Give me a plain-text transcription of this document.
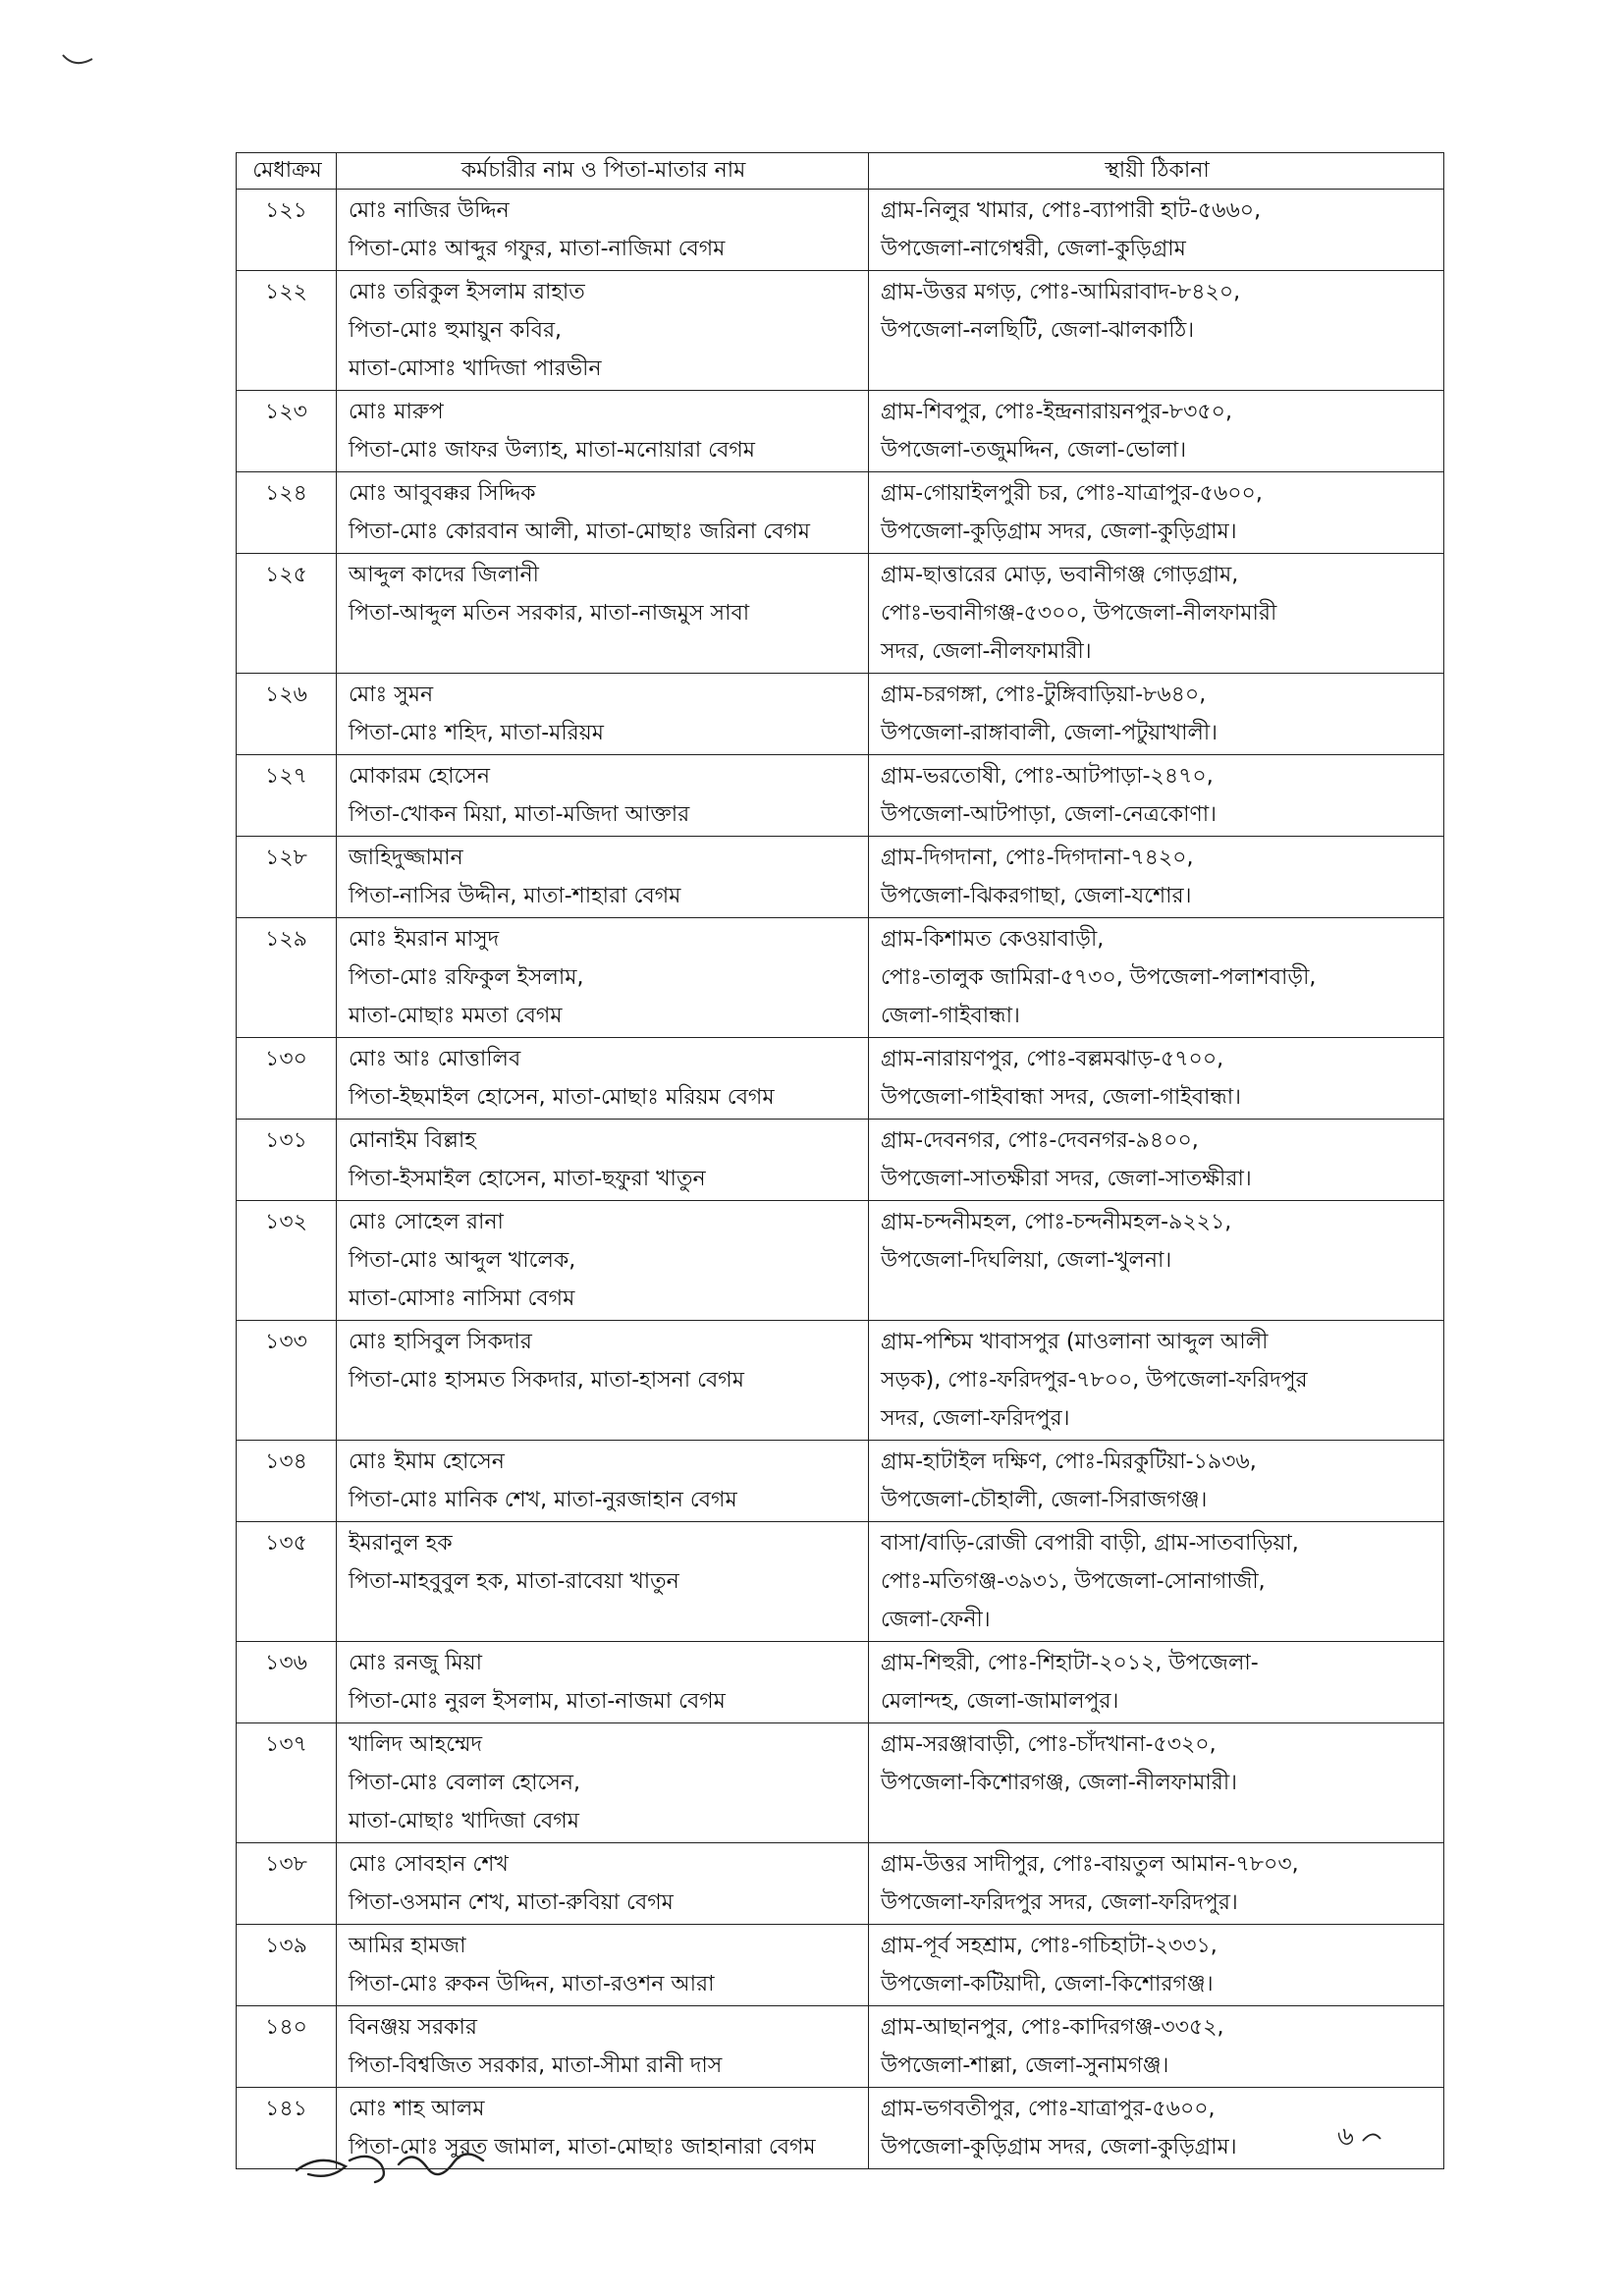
মেধাক্রম	কর্মচারীর নাম ও পিতা-মাতার নাম	স্থায়ী ঠিকানা
১২১	মোঃ নাজির উদ্দিন
পিতা-মোঃ আব্দুর গফুর, মাতা-নাজিমা বেগম	গ্রাম-নিলুর খামার, পোঃ-ব্যাপারী হাট-৫৬৬০,
উপজেলা-নাগেশ্বরী, জেলা-কুড়িগ্রাম

১২২	মোঃ তরিকুল ইসলাম রাহাত
পিতা-মোঃ হুমায়ুন কবির,
মাতা-মোসাঃ খাদিজা পারভীন	গ্রাম-উত্তর মগড়, পোঃ-আমিরাবাদ-৮৪২০,
উপজেলা-নলছিটি, জেলা-ঝালকাঠি।

১২৩	মোঃ মারুপ
পিতা-মোঃ জাফর উল্যাহ, মাতা-মনোয়ারা বেগম	গ্রাম-শিবপুর, পোঃ-ইন্দ্রনারায়নপুর-৮৩৫০,
উপজেলা-তজুমদ্দিন, জেলা-ভোলা।

১২৪	মোঃ আবুবক্কর সিদ্দিক
পিতা-মোঃ কোরবান আলী, মাতা-মোছাঃ জরিনা বেগম	গ্রাম-গোয়াইলপুরী চর, পোঃ-যাত্রাপুর-৫৬০০,
উপজেলা-কুড়িগ্রাম সদর, জেলা-কুড়িগ্রাম।

১২৫	আব্দুল কাদের জিলানী
পিতা-আব্দুল মতিন সরকার, মাতা-নাজমুস সাবা	গ্রাম-ছাত্তারের মোড়, ভবানীগঞ্জ গোড়গ্রাম,
পোঃ-ভবানীগঞ্জ-৫৩০০, উপজেলা-নীলফামারী
সদর, জেলা-নীলফামারী।

১২৬	মোঃ সুমন
পিতা-মোঃ শহিদ, মাতা-মরিয়ম	গ্রাম-চরগঙ্গা, পোঃ-টুঙ্গিবাড়িয়া-৮৬৪০,
উপজেলা-রাঙ্গাবালী, জেলা-পটুয়াখালী।

১২৭	মোকারম হোসেন
পিতা-খোকন মিয়া, মাতা-মজিদা আক্তার	গ্রাম-ভরতোষী, পোঃ-আটপাড়া-২৪৭০,
উপজেলা-আটপাড়া, জেলা-নেত্রকোণা।

১২৮	জাহিদুজ্জামান
পিতা-নাসির উদ্দীন, মাতা-শাহারা বেগম	গ্রাম-দিগদানা, পোঃ-দিগদানা-৭৪২০,
উপজেলা-ঝিকরগাছা, জেলা-যশোর।

১২৯	মোঃ ইমরান মাসুদ
পিতা-মোঃ রফিকুল ইসলাম,
মাতা-মোছাঃ মমতা বেগম	গ্রাম-কিশামত কেওয়াবাড়ী,
পোঃ-তালুক জামিরা-৫৭৩০, উপজেলা-পলাশবাড়ী,
জেলা-গাইবান্ধা।

১৩০	মোঃ আঃ মোত্তালিব
পিতা-ইছমাইল হোসেন, মাতা-মোছাঃ মরিয়ম বেগম	গ্রাম-নারায়ণপুর, পোঃ-বল্লমঝাড়-৫৭০০,
উপজেলা-গাইবান্ধা সদর, জেলা-গাইবান্ধা।

১৩১	মোনাইম বিল্লাহ
পিতা-ইসমাইল হোসেন, মাতা-ছফুরা খাতুন	গ্রাম-দেবনগর, পোঃ-দেবনগর-৯৪০০,
উপজেলা-সাতক্ষীরা সদর, জেলা-সাতক্ষীরা।

১৩২	মোঃ সোহেল রানা
পিতা-মোঃ আব্দুল খালেক,
মাতা-মোসাঃ নাসিমা বেগম	গ্রাম-চন্দনীমহল, পোঃ-চন্দনীমহল-৯২২১,
উপজেলা-দিঘলিয়া, জেলা-খুলনা।

১৩৩	মোঃ হাসিবুল সিকদার
পিতা-মোঃ হাসমত সিকদার, মাতা-হাসনা বেগম	গ্রাম-পশ্চিম খাবাসপুর (মাওলানা আব্দুল আলী
সড়ক), পোঃ-ফরিদপুর-৭৮০০, উপজেলা-ফরিদপুর
সদর, জেলা-ফরিদপুর।

১৩৪	মোঃ ইমাম হোসেন
পিতা-মোঃ মানিক শেখ, মাতা-নুরজাহান বেগম	গ্রাম-হাটাইল দক্ষিণ, পোঃ-মিরকুটিয়া-১৯৩৬,
উপজেলা-চৌহালী, জেলা-সিরাজগঞ্জ।

১৩৫	ইমরানুল হক
পিতা-মাহবুবুল হক, মাতা-রাবেয়া খাতুন	বাসা/বাড়ি-রোজী বেপারী বাড়ী, গ্রাম-সাতবাড়িয়া,
পোঃ-মতিগঞ্জ-৩৯৩১, উপজেলা-সোনাগাজী,
জেলা-ফেনী।

১৩৬	মোঃ রনজু মিয়া
পিতা-মোঃ নুরল ইসলাম, মাতা-নাজমা বেগম	গ্রাম-শিহুরী, পোঃ-শিহাটা-২০১২, উপজেলা-
মেলান্দহ, জেলা-জামালপুর।

১৩৭	খালিদ আহম্মেদ
পিতা-মোঃ বেলাল হোসেন,
মাতা-মোছাঃ খাদিজা বেগম	গ্রাম-সরঞ্জাবাড়ী, পোঃ-চাঁদখানা-৫৩২০,
উপজেলা-কিশোরগঞ্জ, জেলা-নীলফামারী।

১৩৮	মোঃ সোবহান শেখ
পিতা-ওসমান শেখ, মাতা-রুবিয়া বেগম	গ্রাম-উত্তর সাদীপুর, পোঃ-বায়তুল আমান-৭৮০৩,
উপজেলা-ফরিদপুর সদর, জেলা-ফরিদপুর।

১৩৯	আমির হামজা
পিতা-মোঃ রুকন উদ্দিন, মাতা-রওশন আরা	গ্রাম-পূর্ব সহশ্রাম, পোঃ-গচিহাটা-২৩৩১,
উপজেলা-কটিয়াদী, জেলা-কিশোরগঞ্জ।

১৪০	বিনঞ্জয় সরকার
পিতা-বিশ্বজিত সরকার, মাতা-সীমা রানী দাস	গ্রাম-আছানপুর, পোঃ-কাদিরগঞ্জ-৩৩৫২,
উপজেলা-শাল্লা, জেলা-সুনামগঞ্জ।

১৪১	মোঃ শাহ আলম
পিতা-মোঃ সুরত জামাল, মাতা-মোছাঃ জাহানারা বেগম	গ্রাম-ভগবতীপুর, পোঃ-যাত্রাপুর-৫৬০০,
উপজেলা-কুড়িগ্রাম সদর, জেলা-কুড়িগ্রাম।	৬
